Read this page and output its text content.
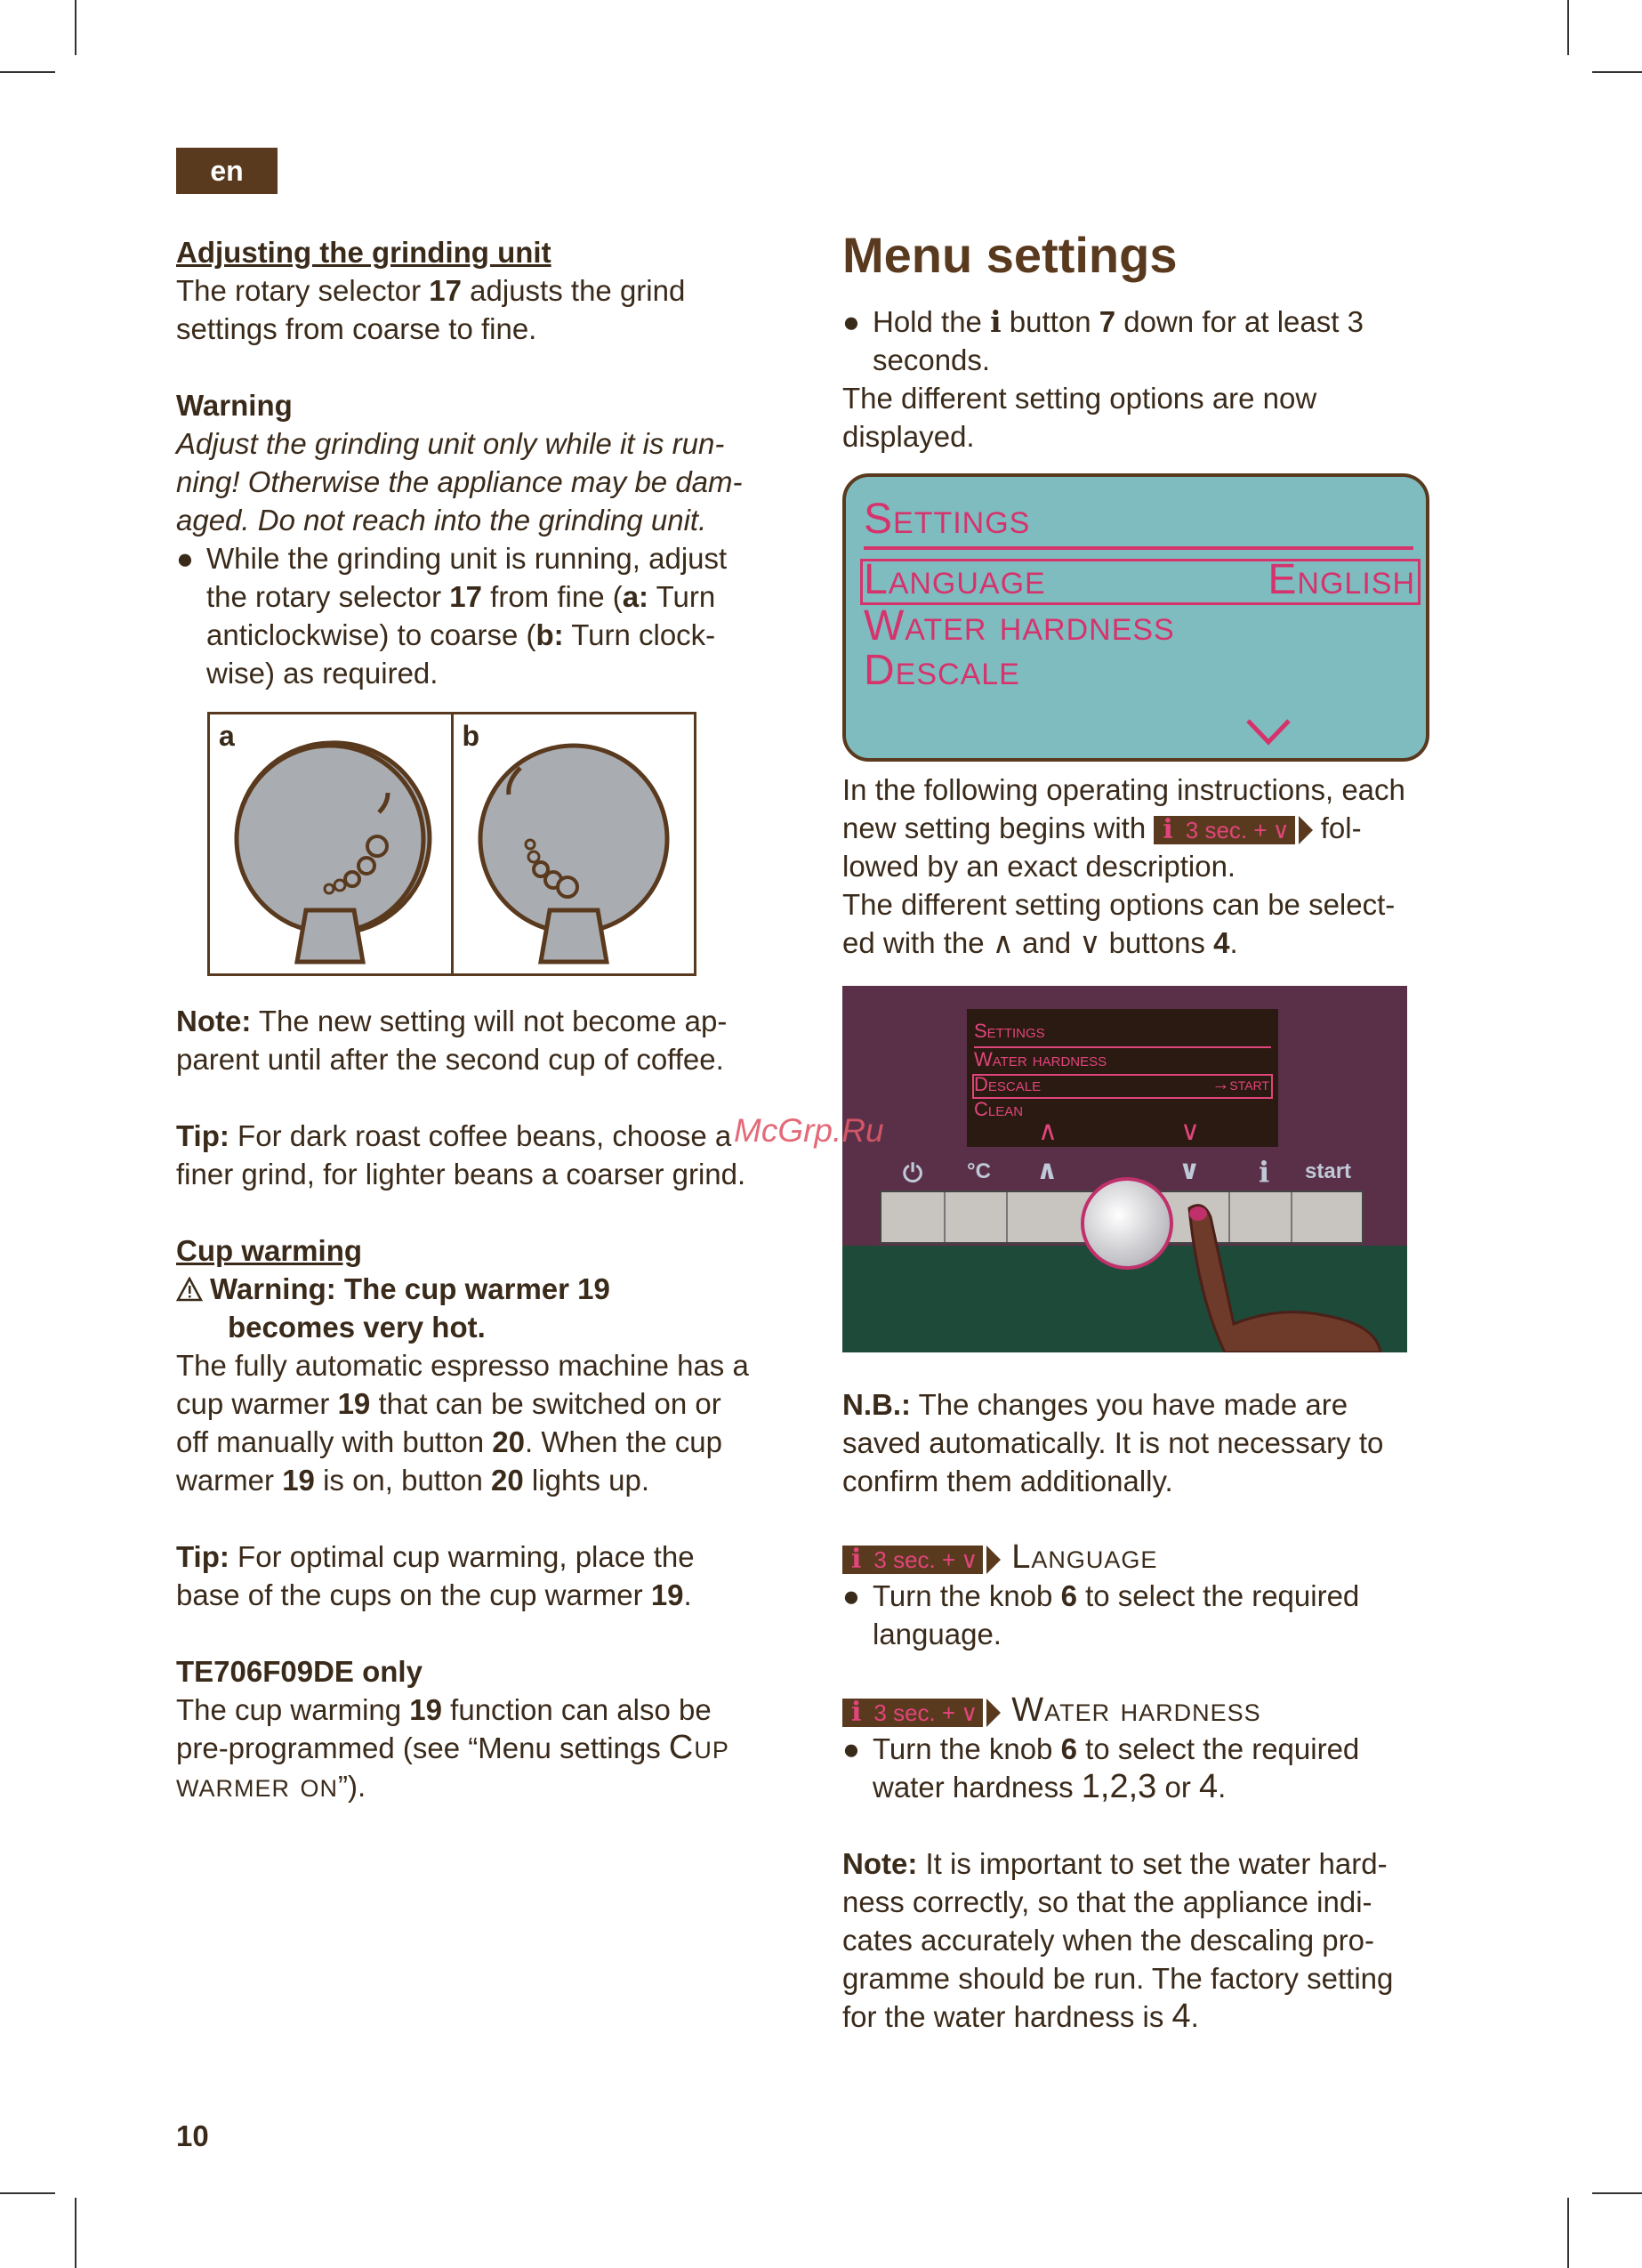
en

Adjusting the grinding unit

The rotary selector 17 adjusts the grind

settings from coarse to fine.

Warning

Adjust the grinding unit only while it is run-

ning! Otherwise the appliance may be dam-

aged. Do not reach into the grinding unit.

● While the grinding unit is running, adjust

the rotary selector 17 from fine (a: Turn

anticlockwise) to coarse (b: Turn clock-

wise) as required.

a	b

Note: The new setting will not become ap-

parent until after the second cup of coffee.

Tip: For dark roast coffee beans, choose a

finer grind, for lighter beans a coarser grind.

Cup warming

Warning: The cup warmer 19

becomes very hot.

The fully automatic espresso machine has a

cup warmer 19 that can be switched on or

off manually with button 20. When the cup

warmer 19 is on, button 20 lights up.

Tip: For optimal cup warming, place the

base of the cups on the cup warmer 19.

TE706F09DE only

The cup warming 19 function can also be

pre-programmed (see “Menu settings Cup

warmer on”).

Menu settings

● Hold the i button 7 down for at least 3

seconds.

The different setting options are now

displayed.

Settings
Language	English
Water hardness
Descale

In the following operating instructions, each

new setting begins with i 3 sec. + ∨ fol-

lowed by an exact description.

The different setting options can be select-

ed with the ∧ and ∨ buttons 4.

Settings
Water hardness
Descale	→start
Clean
∧	∨
⏻ °C ∧	∨ i start

N.B.: The changes you have made are

saved automatically. It is not necessary to

confirm them additionally.

i 3 sec. + ∨ Language

● Turn the knob 6 to select the required

language.

i 3 sec. + ∨ Water hardness

● Turn the knob 6 to select the required

water hardness 1,2,3 or 4.

Note: It is important to set the water hard-

ness correctly, so that the appliance indi-

cates accurately when the descaling pro-

gramme should be run. The factory setting

for the water hardness is 4.

McGrp.Ru
10
